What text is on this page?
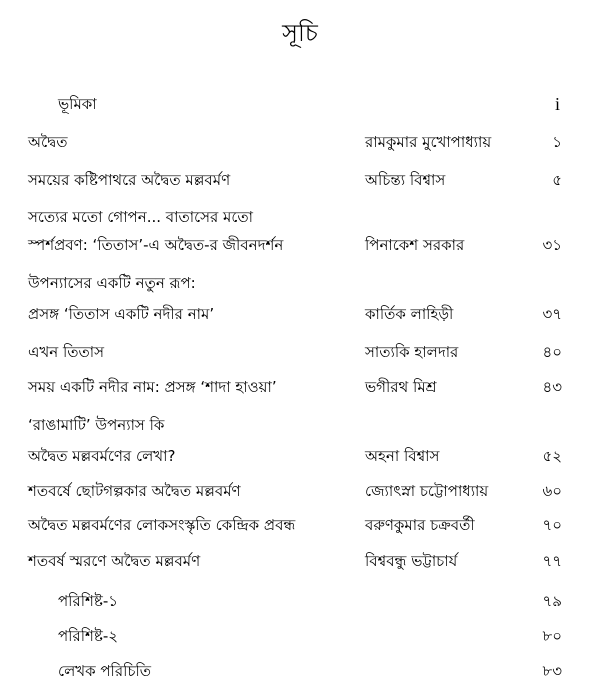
সূচি
ভূমিকা	i
অদ্বৈত	রামকুমার মুখোপাধ্যায়	১
সময়ের কষ্টিপাথরে অদ্বৈত মল্লবর্মণ	অচিন্ত্য বিশ্বাস	৫
সত্যের মতো গোপন... বাতাসের মতো
স্পর্শপ্রবণ: ‘তিতাস’-এ অদ্বৈত-র জীবনদর্শন	পিনাকেশ সরকার	৩১
উপন্যাসের একটি নতুন রূপ:
প্রসঙ্গ ‘তিতাস একটি নদীর নাম’	কার্তিক লাহিড়ী	৩৭
এখন তিতাস	সাত্যকি হালদার	৪০
সময় একটি নদীর নাম: প্রসঙ্গ ‘শাদা হাওয়া’	ভগীরথ মিশ্র	৪৩
‘রাঙামাটি’ উপন্যাস কি
অদ্বৈত মল্লবর্মণের লেখা?	অহনা বিশ্বাস	৫২
শতবর্ষে ছোটগল্পকার অদ্বৈত মল্লবর্মণ	জ্যোৎস্না চট্টোপাধ্যায়	৬০
অদ্বৈত মল্লবর্মণের লোকসংস্কৃতি কেন্দ্রিক প্রবন্ধ	বরুণকুমার চক্রবর্তী	৭০
শতবর্ষ স্মরণে অদ্বৈত মল্লবর্মণ	বিশ্ববন্ধু ভট্টাচার্য	৭৭
পরিশিষ্ট-১	৭৯
পরিশিষ্ট-২	৮০
লেখক পরিচিতি	৮৩
